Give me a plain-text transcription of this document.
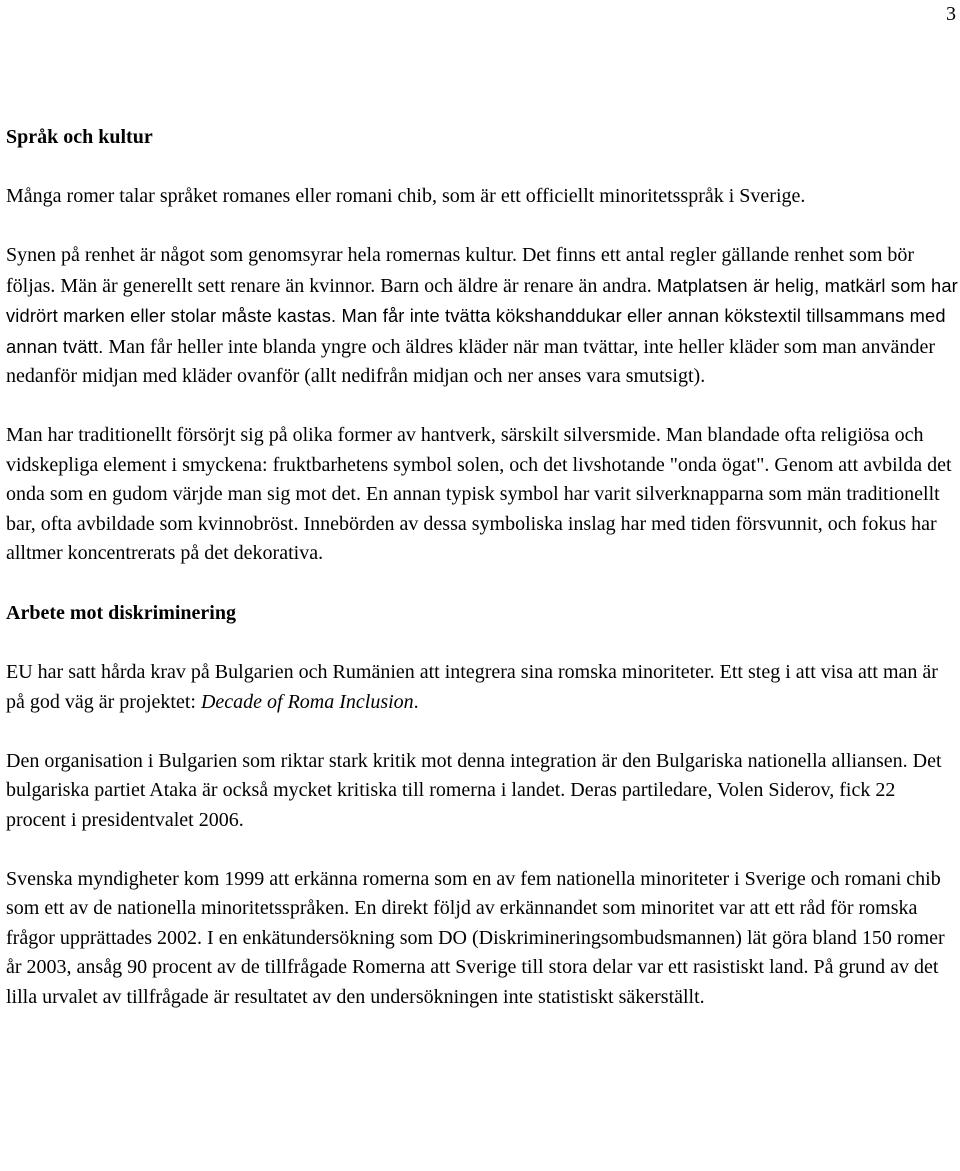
3
Språk och kultur

Många romer talar språket romanes eller romani chib, som är ett officiellt minoritetsspråk i Sverige.

Synen på renhet är något som genomsyrar hela romernas kultur. Det finns ett antal regler gällande renhet som bör följas. Män är generellt sett renare än kvinnor. Barn och äldre är renare än andra. Matplatsen är helig, matkärl som har vidrört marken eller stolar måste kastas. Man får inte tvätta kökshanddukar eller annan kökstextil tillsammans med annan tvätt. Man får heller inte blanda yngre och äldres kläder när man tvättar, inte heller kläder som man använder nedanför midjan med kläder ovanför (allt nedifrån midjan och ner anses vara smutsigt).

Man har traditionellt försörjt sig på olika former av hantverk, särskilt silversmide. Man blandade ofta religiösa och vidskepliga element i smyckena: fruktbarhetens symbol solen, och det livshotande "onda ögat". Genom att avbilda det onda som en gudom värjde man sig mot det. En annan typisk symbol har varit silverknapparna som män traditionellt bar, ofta avbildade som kvinnobröst. Innebörden av dessa symboliska inslag har med tiden försvunnit, och fokus har alltmer koncentrerats på det dekorativa.

Arbete mot diskriminering

EU har satt hårda krav på Bulgarien och Rumänien att integrera sina romska minoriteter. Ett steg i att visa att man är på god väg är projektet: Decade of Roma Inclusion.

Den organisation i Bulgarien som riktar stark kritik mot denna integration är den Bulgariska nationella alliansen. Det bulgariska partiet Ataka är också mycket kritiska till romerna i landet. Deras partiledare, Volen Siderov, fick 22 procent i presidentvalet 2006.

Svenska myndigheter kom 1999 att erkänna romerna som en av fem nationella minoriteter i Sverige och romani chib som ett av de nationella minoritetsspråken. En direkt följd av erkännandet som minoritet var att ett råd för romska frågor upprättades 2002. I en enkätundersökning som DO (Diskrimineringsombudsmannen) lät göra bland 150 romer år 2003, ansåg 90 procent av de tillfrågade Romerna att Sverige till stora delar var ett rasistiskt land. På grund av det lilla urvalet av tillfrågade är resultatet av den undersökningen inte statistiskt säkerställt.
